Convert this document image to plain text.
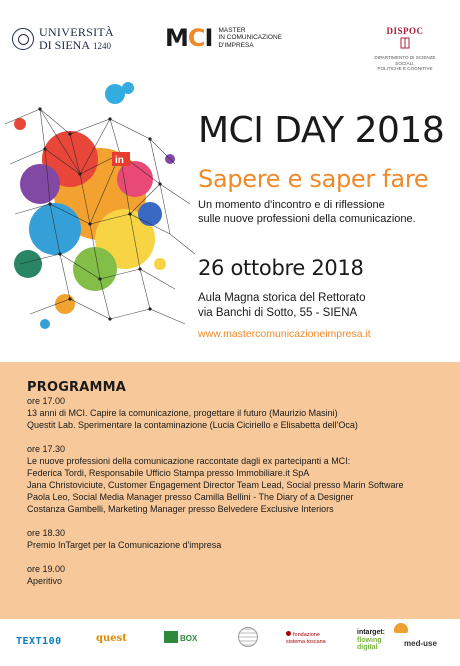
UNIVERSITÀ
DI SIENA 1240 MCI MASTER
IN COMUNICAZIONE
D'IMPRESA
DISPOC
DIPARTIMENTO DI SCIENZE SOCIALI,
POLITICHE E COGNITIVE
in
MCI DAY 2018
Sapere e saper fare
Un momento d'incontro e di riflessione
sulle nuove professioni della comunicazione.
26 ottobre 2018
Aula Magna storica del Rettorato
via Banchi di Sotto, 55 - SIENA
www.mastercomunicazioneimpresa.it
PROGRAMMA
ore 17.00
13 anni di MCI. Capire la comunicazione, progettare il futuro (Maurizio Masini)
Questit Lab. Sperimentare la contaminazione (Lucia Ciciriello e Elisabetta dell'Oca)
ore 17.30
Le nuove professioni della comunicazione raccontate dagli ex partecipanti a MCI:
Federica Tordi, Responsabile Ufficio Stampa presso Immobiliare.it SpA
Jana Christoviciute, Customer Engagement Director Team Lead, Social presso Marin Software
Paola Leo, Social Media Manager presso Camilla Bellini - The Diary of a Designer
Costanza Gambelli, Marketing Manager presso Belvedere Exclusive Interiors
ore 18.30
Premio InTarget per la Comunicazione d'impresa
ore 19.00
Aperitivo
TEXT100	quest	BOX	fondazione
sistema toscana
intarget:
flowing
digital	med-use
